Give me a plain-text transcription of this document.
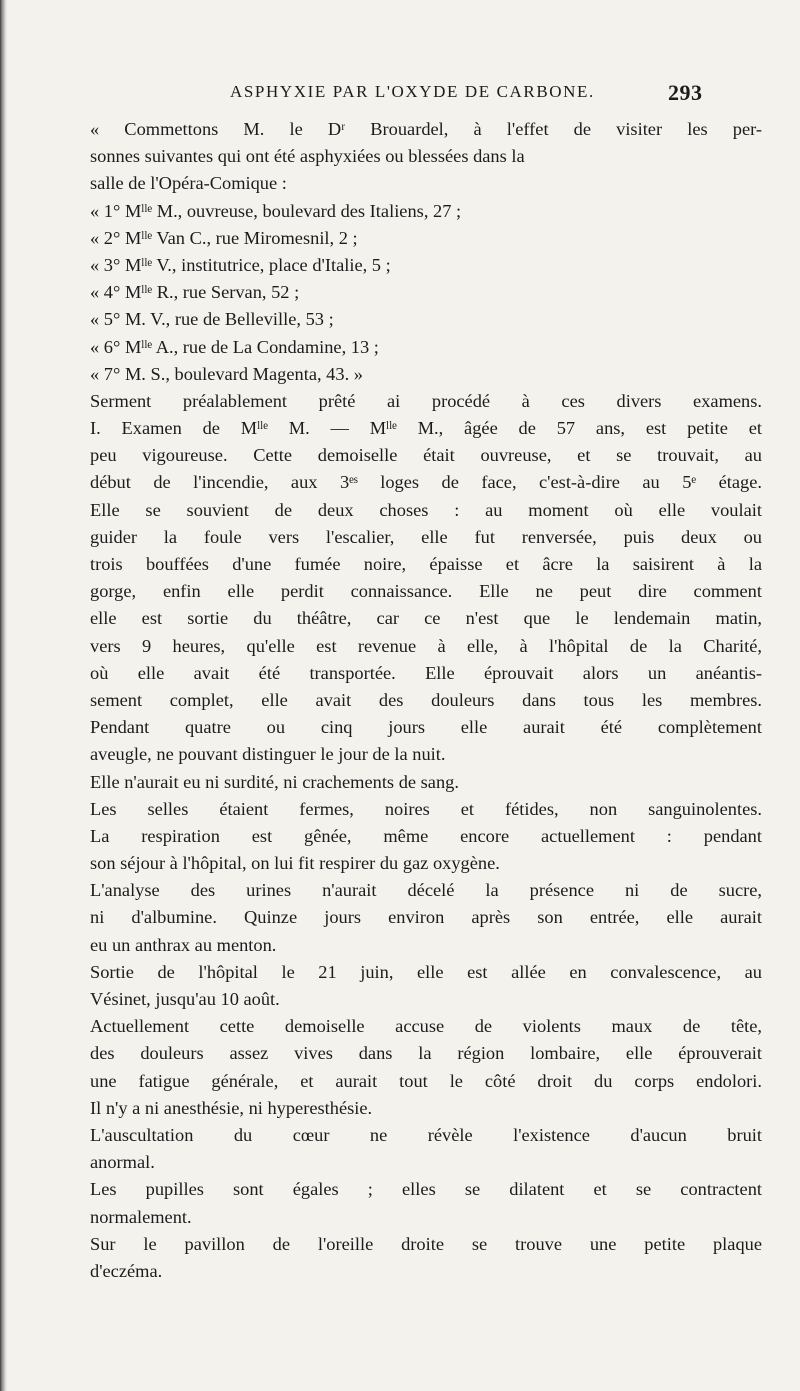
ASPHYXIE PAR L'OXYDE DE CARBONE.	293
« Commettons M. le Dʳ Brouardel, à l'effet de visiter les per-
sonnes suivantes qui ont été asphyxiées ou blessées dans la
salle de l'Opéra-Comique :
« 1° Mˡˡᵉ M., ouvreuse, boulevard des Italiens, 27 ;
« 2° Mˡˡᵉ Van C., rue Miromesnil, 2 ;
« 3° Mˡˡᵉ V., institutrice, place d'Italie, 5 ;
« 4° Mˡˡᵉ R., rue Servan, 52 ;
« 5° M. V., rue de Belleville, 53 ;
« 6° Mˡˡᵉ A., rue de La Condamine, 13 ;
« 7° M. S., boulevard Magenta, 43. »
Serment préalablement prêté ai procédé à ces divers examens.
I. Examen de Mˡˡᵉ M. — Mˡˡᵉ M., âgée de 57 ans, est petite et
peu vigoureuse. Cette demoiselle était ouvreuse, et se trouvait, au
début de l'incendie, aux 3ᵉˢ loges de face, c'est-à-dire au 5ᵉ étage.
Elle se souvient de deux choses : au moment où elle voulait
guider la foule vers l'escalier, elle fut renversée, puis deux ou
trois bouffées d'une fumée noire, épaisse et âcre la saisirent à la
gorge, enfin elle perdit connaissance. Elle ne peut dire comment
elle est sortie du théâtre, car ce n'est que le lendemain matin,
vers 9 heures, qu'elle est revenue à elle, à l'hôpital de la Charité,
où elle avait été transportée. Elle éprouvait alors un anéantis-
sement complet, elle avait des douleurs dans tous les membres.
Pendant quatre ou cinq jours elle aurait été complètement
aveugle, ne pouvant distinguer le jour de la nuit.
Elle n'aurait eu ni surdité, ni crachements de sang.
Les selles étaient fermes, noires et fétides, non sanguinolentes.
La respiration est gênée, même encore actuellement : pendant
son séjour à l'hôpital, on lui fit respirer du gaz oxygène.
L'analyse des urines n'aurait décelé la présence ni de sucre,
ni d'albumine. Quinze jours environ après son entrée, elle aurait
eu un anthrax au menton.
Sortie de l'hôpital le 21 juin, elle est allée en convalescence, au
Vésinet, jusqu'au 10 août.
Actuellement cette demoiselle accuse de violents maux de tête,
des douleurs assez vives dans la région lombaire, elle éprouverait
une fatigue générale, et aurait tout le côté droit du corps endolori.
Il n'y a ni anesthésie, ni hyperesthésie.
L'auscultation du cœur ne révèle l'existence d'aucun bruit
anormal.
Les pupilles sont égales ; elles se dilatent et se contractent
normalement.
Sur le pavillon de l'oreille droite se trouve une petite plaque
d'eczéma.
